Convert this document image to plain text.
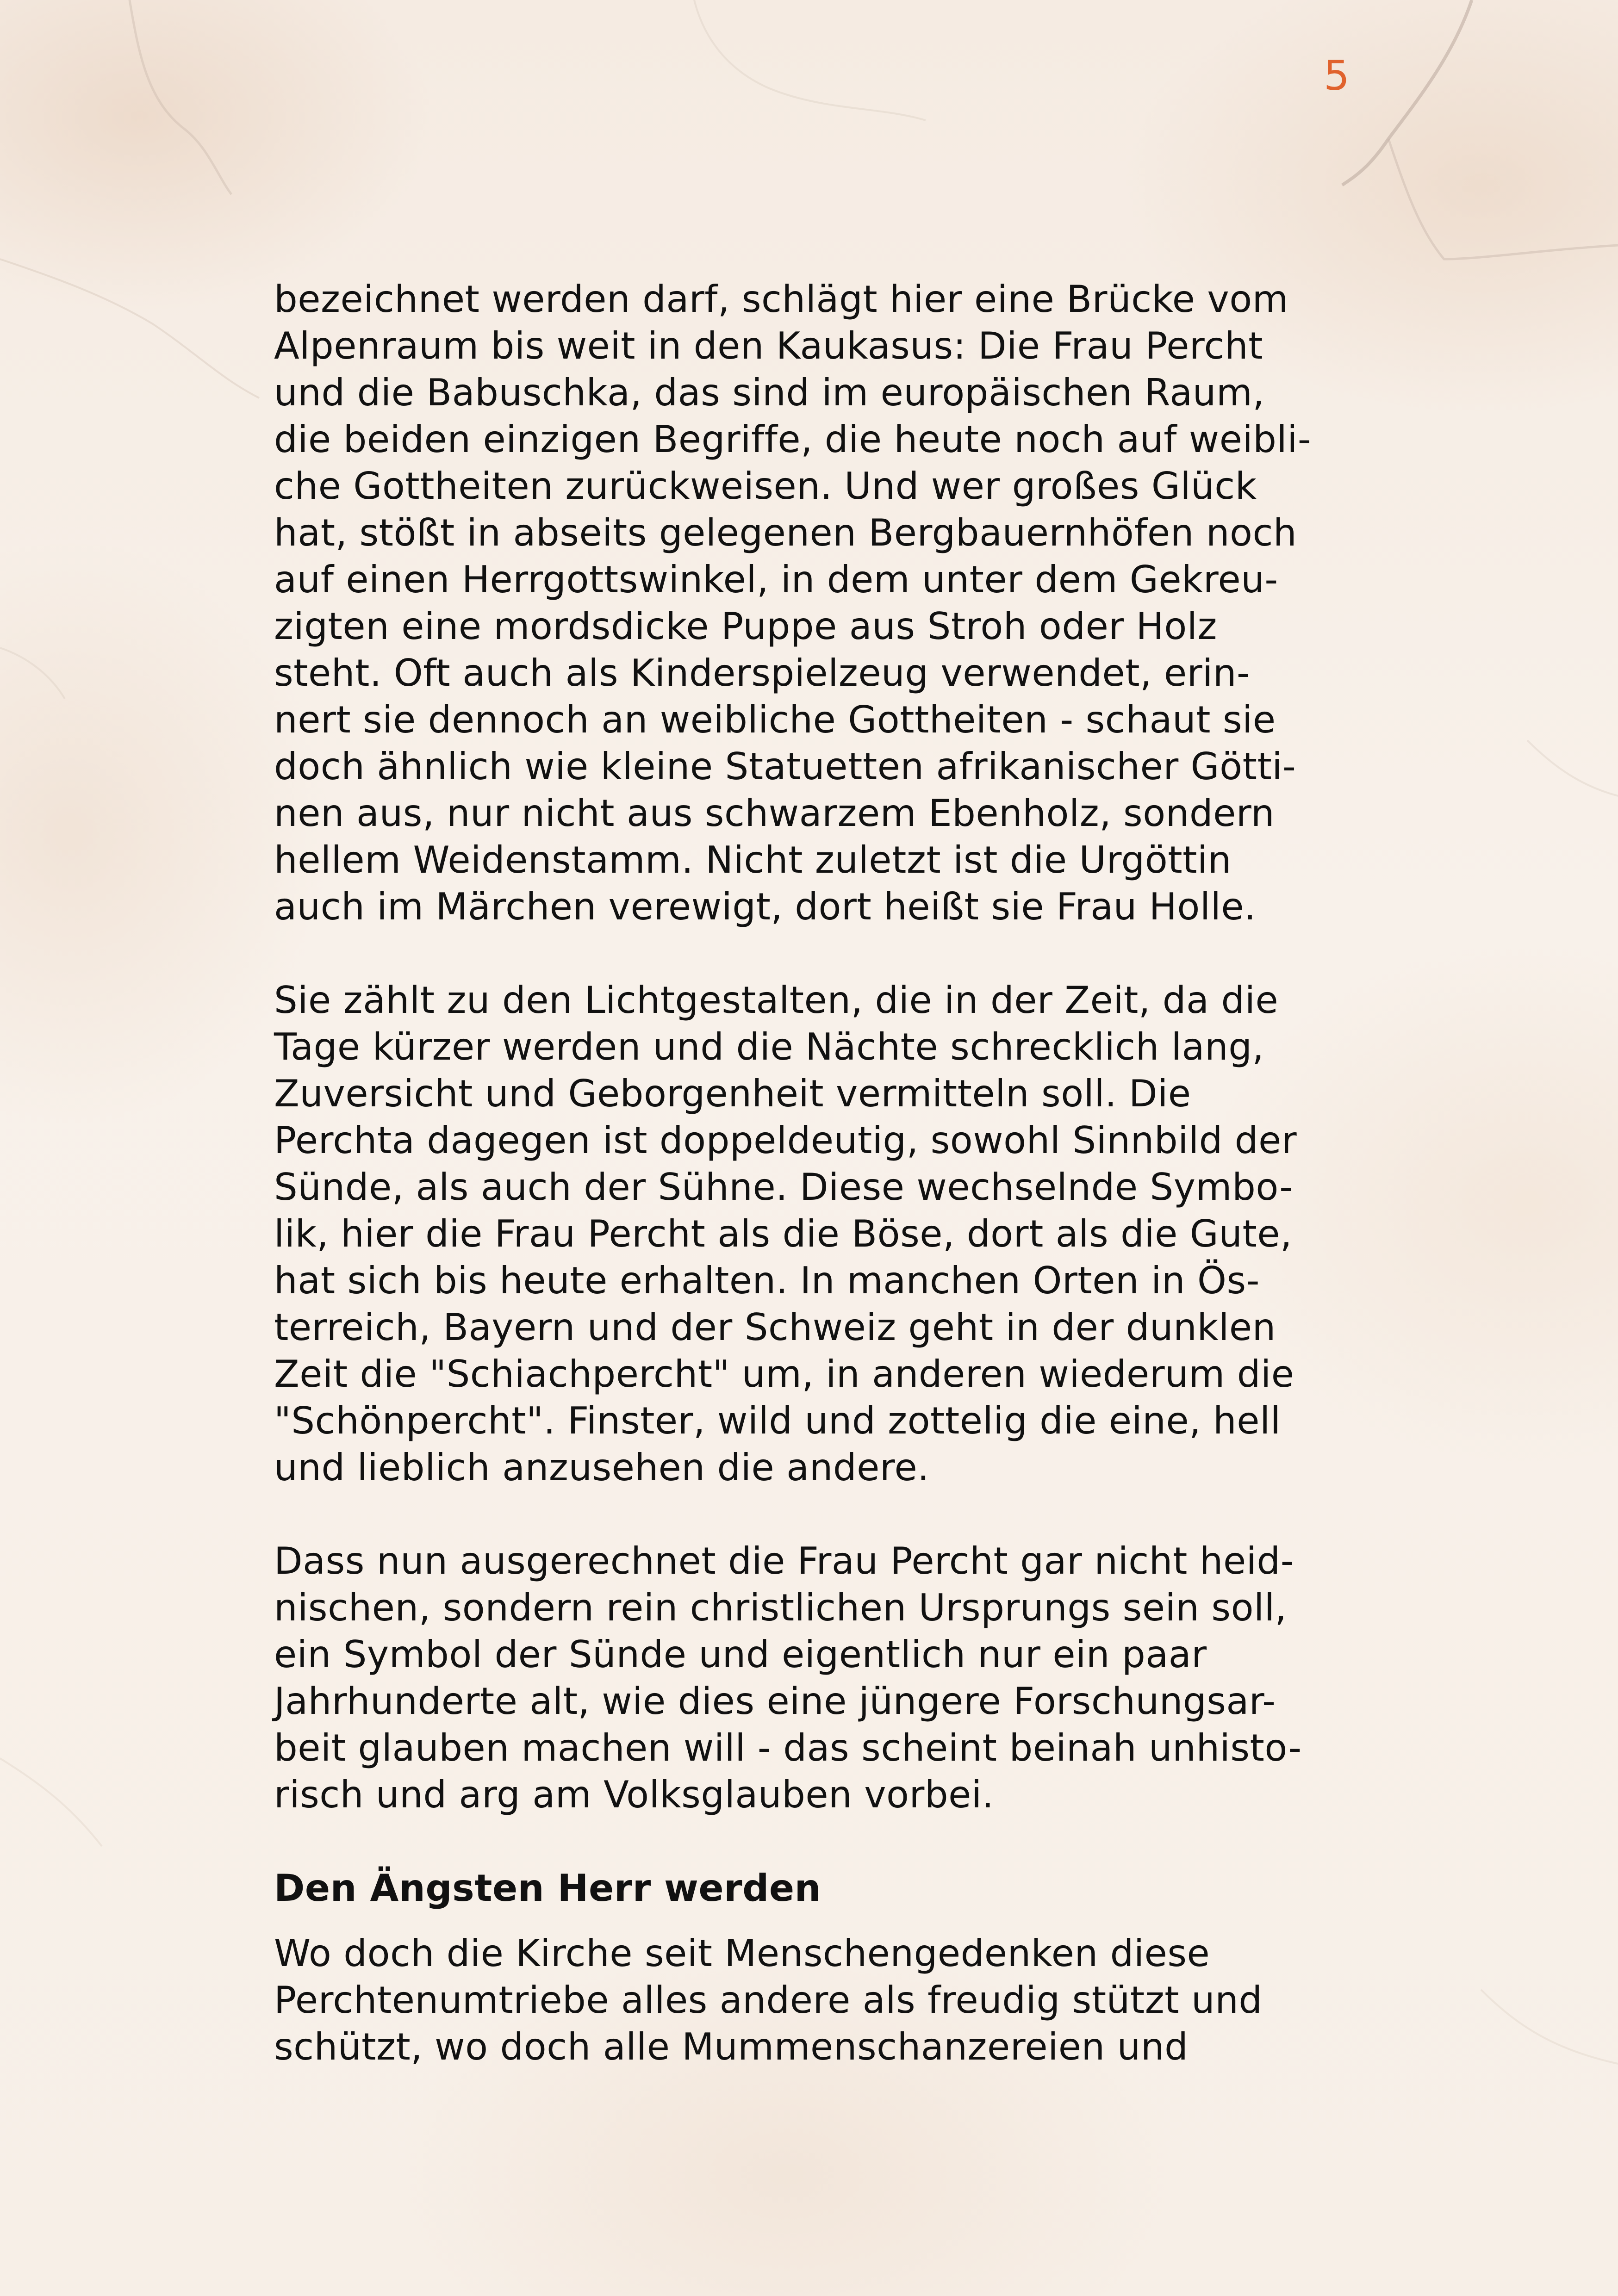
5

bezeichnet werden darf, schlägt hier eine Brücke vom
Alpenraum bis weit in den Kaukasus: Die Frau Percht
und die Babuschka, das sind im europäischen Raum,
die beiden einzigen Begriffe, die heute noch auf weibli-
che Gottheiten zurückweisen. Und wer großes Glück
hat, stößt in abseits gelegenen Bergbauernhöfen noch
auf einen Herrgottswinkel, in dem unter dem Gekreu-
zigten eine mordsdicke Puppe aus Stroh oder Holz
steht. Oft auch als Kinderspielzeug verwendet, erin-
nert sie dennoch an weibliche Gottheiten - schaut sie
doch ähnlich wie kleine Statuetten afrikanischer Götti-
nen aus, nur nicht aus schwarzem Ebenholz, sondern
hellem Weidenstamm. Nicht zuletzt ist die Urgöttin
auch im Märchen verewigt, dort heißt sie Frau Holle.

Sie zählt zu den Lichtgestalten, die in der Zeit, da die
Tage kürzer werden und die Nächte schrecklich lang,
Zuversicht und Geborgenheit vermitteln soll. Die
Perchta dagegen ist doppeldeutig, sowohl Sinnbild der
Sünde, als auch der Sühne. Diese wechselnde Symbo-
lik, hier die Frau Percht als die Böse, dort als die Gute,
hat sich bis heute erhalten. In manchen Orten in Ös-
terreich, Bayern und der Schweiz geht in der dunklen
Zeit die "Schiachpercht" um, in anderen wiederum die
"Schönpercht". Finster, wild und zottelig die eine, hell
und lieblich anzusehen die andere.

Dass nun ausgerechnet die Frau Percht gar nicht heid-
nischen, sondern rein christlichen Ursprungs sein soll,
ein Symbol der Sünde und eigentlich nur ein paar
Jahrhunderte alt, wie dies eine jüngere Forschungsar-
beit glauben machen will - das scheint beinah unhisto-
risch und arg am Volksglauben vorbei.

Den Ängsten Herr werden

Wo doch die Kirche seit Menschengedenken diese
Perchtenumtriebe alles andere als freudig stützt und
schützt, wo doch alle Mummenschanzereien und
